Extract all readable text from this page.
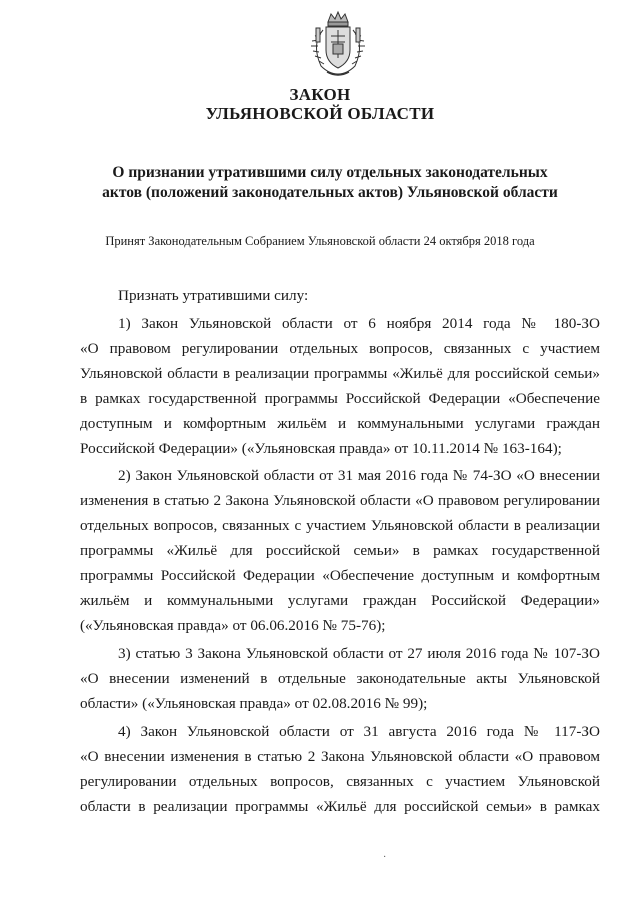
ЗАКОН
УЛЬЯНОВСКОЙ ОБЛАСТИ
О признании утратившими силу отдельных законодательных
актов (положений законодательных актов) Ульяновской области
Принят Законодательным Собранием Ульяновской области 24 октября 2018 года
Признать утратившими силу:
1) Закон Ульяновской области от 6 ноября 2014 года № 180-ЗО
«О правовом регулировании отдельных вопросов, связанных с участием
Ульяновской области в реализации программы «Жильё для российской семьи»
в рамках государственной программы Российской Федерации «Обеспечение
доступным и комфортным жильём и коммунальными услугами граждан
Российской Федерации» («Ульяновская правда» от 10.11.2014 № 163-164);
2) Закон Ульяновской области от 31 мая 2016 года № 74-ЗО «О внесении
изменения в статью 2 Закона Ульяновской области «О правовом регулировании
отдельных вопросов, связанных с участием Ульяновской области в реализации
программы «Жильё для российской семьи» в рамках государственной
программы Российской Федерации «Обеспечение доступным и комфортным
жильём и коммунальными услугами граждан Российской Федерации»
(«Ульяновская правда» от 06.06.2016 № 75-76);
3) статью 3 Закона Ульяновской области от 27 июля 2016 года № 107-ЗО
«О внесении изменений в отдельные законодательные акты Ульяновской
области» («Ульяновская правда» от 02.08.2016 № 99);
4) Закон Ульяновской области от 31 августа 2016 года № 117-ЗО
«О внесении изменения в статью 2 Закона Ульяновской области «О правовом
регулировании отдельных вопросов, связанных с участием Ульяновской
области в реализации программы «Жильё для российской семьи» в рамках
·
